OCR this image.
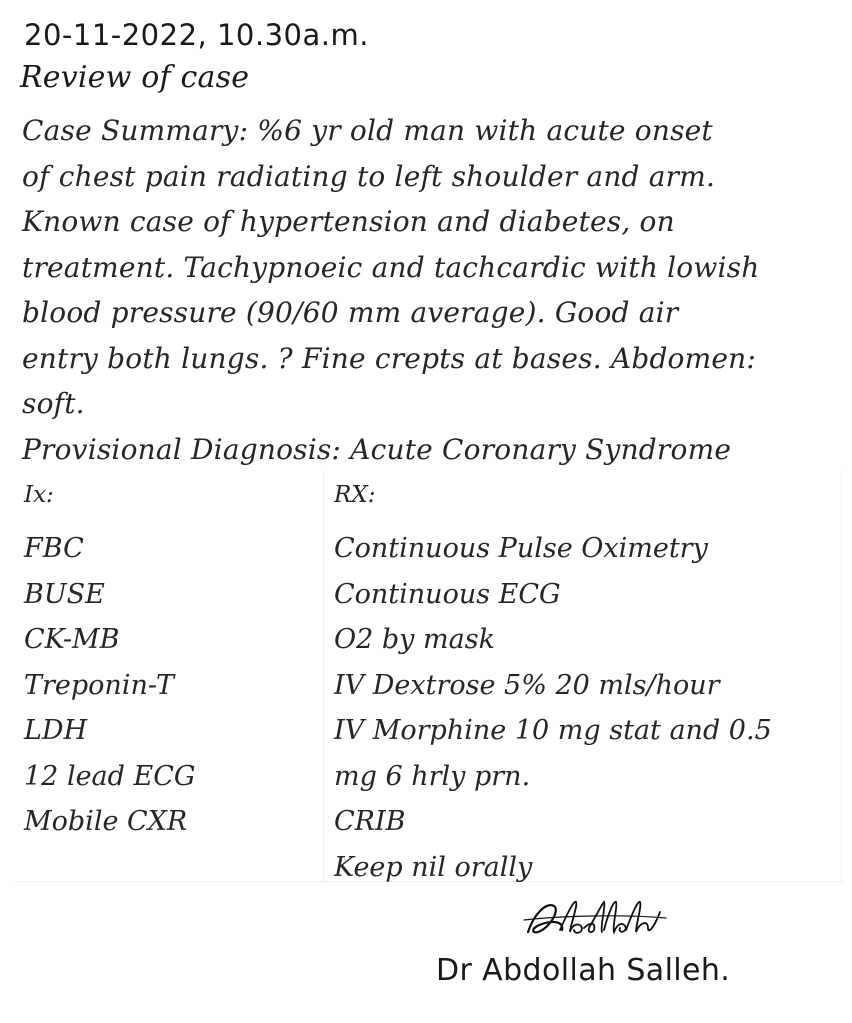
20-11-2022, 10.30a.m.
Review of case
Case Summary: %6 yr old man with acute onset
of chest pain radiating to left shoulder and arm.
Known case of hypertension and diabetes, on
treatment. Tachypnoeic and tachcardic with lowish
blood pressure (90/60 mm average). Good air
entry both lungs. ? Fine crepts at bases. Abdomen:
soft.
Provisional Diagnosis: Acute Coronary Syndrome
Ix:
FBC
BUSE
CK-MB
Treponin-T
LDH
12 lead ECG
Mobile CXR
RX:
Continuous Pulse Oximetry
Continuous ECG
O2 by mask
IV Dextrose 5% 20 mls/hour
IV Morphine 10 mg stat and 0.5
mg 6 hrly prn.
CRIB
Keep nil orally
Dr Abdollah Salleh.
